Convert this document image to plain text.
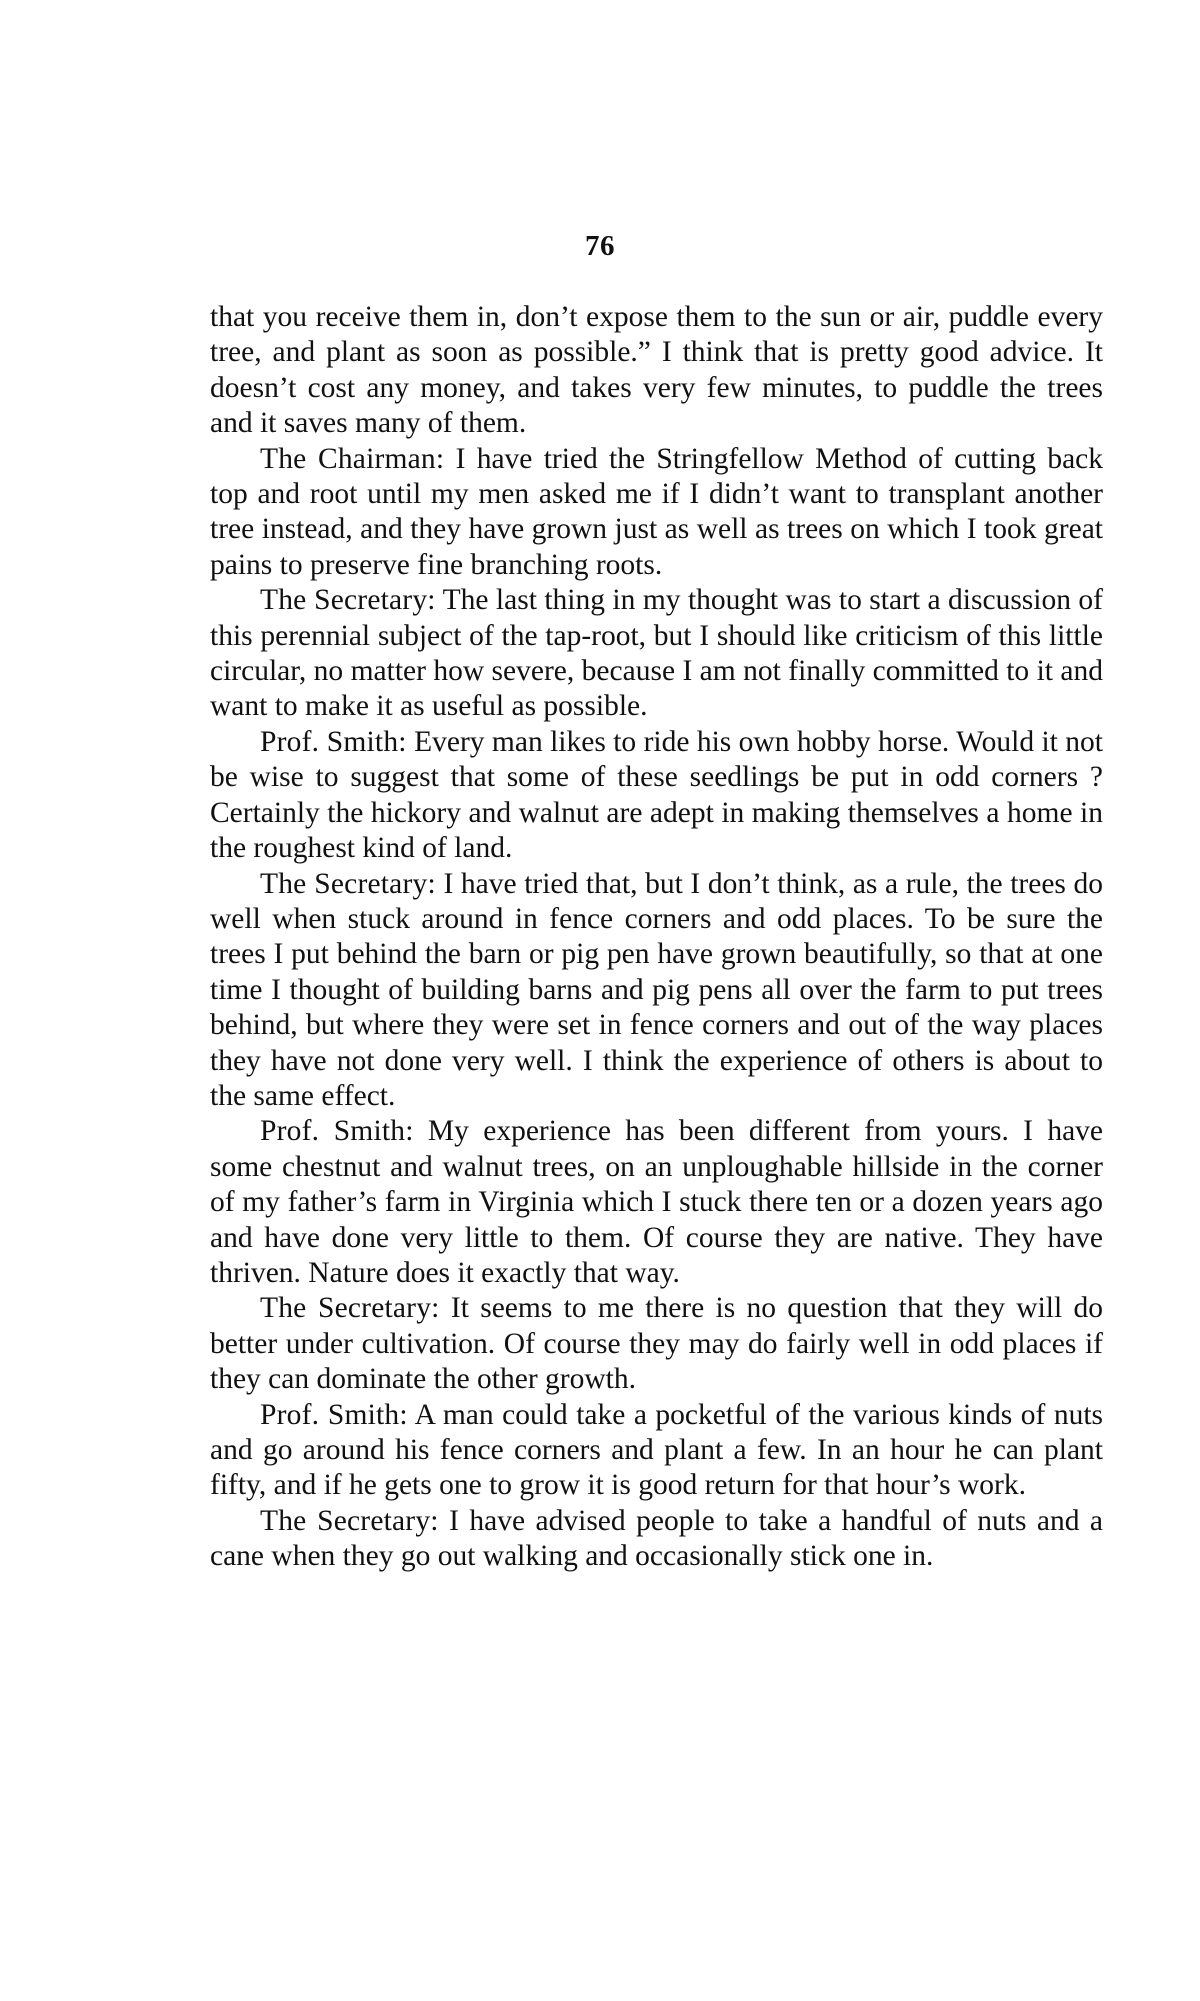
76

that you receive them in, don’t expose them to the sun or air, puddle every tree, and plant as soon as possible.” I think that is pretty good advice. It doesn’t cost any money, and takes very few minutes, to puddle the trees and it saves many of them.

The Chairman: I have tried the Stringfellow Method of cutting back top and root until my men asked me if I didn’t want to transplant another tree instead, and they have grown just as well as trees on which I took great pains to preserve fine branching roots.

The Secretary: The last thing in my thought was to start a discussion of this perennial subject of the tap-root, but I should like criticism of this little circular, no matter how severe, because I am not finally committed to it and want to make it as useful as possible.

Prof. Smith: Every man likes to ride his own hobby horse. Would it not be wise to suggest that some of these seedlings be put in odd corners ? Certainly the hickory and walnut are adept in making themselves a home in the roughest kind of land.

The Secretary: I have tried that, but I don’t think, as a rule, the trees do well when stuck around in fence corners and odd places. To be sure the trees I put behind the barn or pig pen have grown beautifully, so that at one time I thought of building barns and pig pens all over the farm to put trees behind, but where they were set in fence corners and out of the way places they have not done very well. I think the experience of others is about to the same effect.

Prof. Smith: My experience has been different from yours. I have some chestnut and walnut trees, on an unploughable hillside in the corner of my father’s farm in Virginia which I stuck there ten or a dozen years ago and have done very little to them. Of course they are native. They have thriven. Nature does it exactly that way.

The Secretary: It seems to me there is no question that they will do better under cultivation. Of course they may do fairly well in odd places if they can dominate the other growth.

Prof. Smith: A man could take a pocketful of the various kinds of nuts and go around his fence corners and plant a few. In an hour he can plant fifty, and if he gets one to grow it is good return for that hour’s work.

The Secretary: I have advised people to take a handful of nuts and a cane when they go out walking and occasionally stick one in.
